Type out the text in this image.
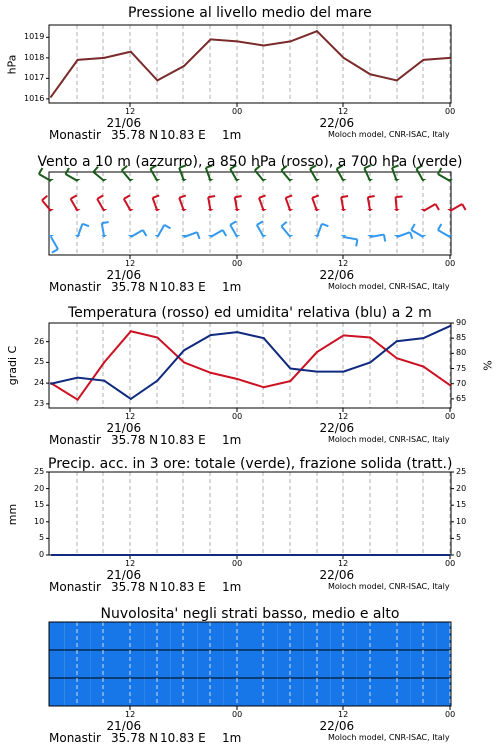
Pressione al livello medio del mare
hPa
1016
1017
1018
1019
12	00	12	00
21/06	22/06
Monastir 35.78 N 10.83 E 1m	Moloch model, CNR-ISAC, Italy
Vento a 10 m (azzurro), a 850 hPa (rosso), a 700 hPa (verde)
12	00	12	00
21/06	22/06
Monastir 35.78 N 10.83 E 1m	Moloch model, CNR-ISAC, Italy
Temperatura (rosso) ed umidita' relativa (blu) a 2 m
gradi C	%
23
24
25
26
65
70
75
80
85
90
12	00	12	00
21/06	22/06
Monastir 35.78 N 10.83 E 1m	Moloch model, CNR-ISAC, Italy
Precip. acc. in 3 ore: totale (verde), frazione solida (tratt.)
mm
0
5
10
15
20
25
0
5
10
15
20
25
12	00	12	00
21/06	22/06
Monastir 35.78 N 10.83 E 1m	Moloch model, CNR-ISAC, Italy
Nuvolosita' negli strati basso, medio e alto
12	00	12	00
21/06	22/06
Monastir 35.78 N 10.83 E 1m	Moloch model, CNR-ISAC, Italy
